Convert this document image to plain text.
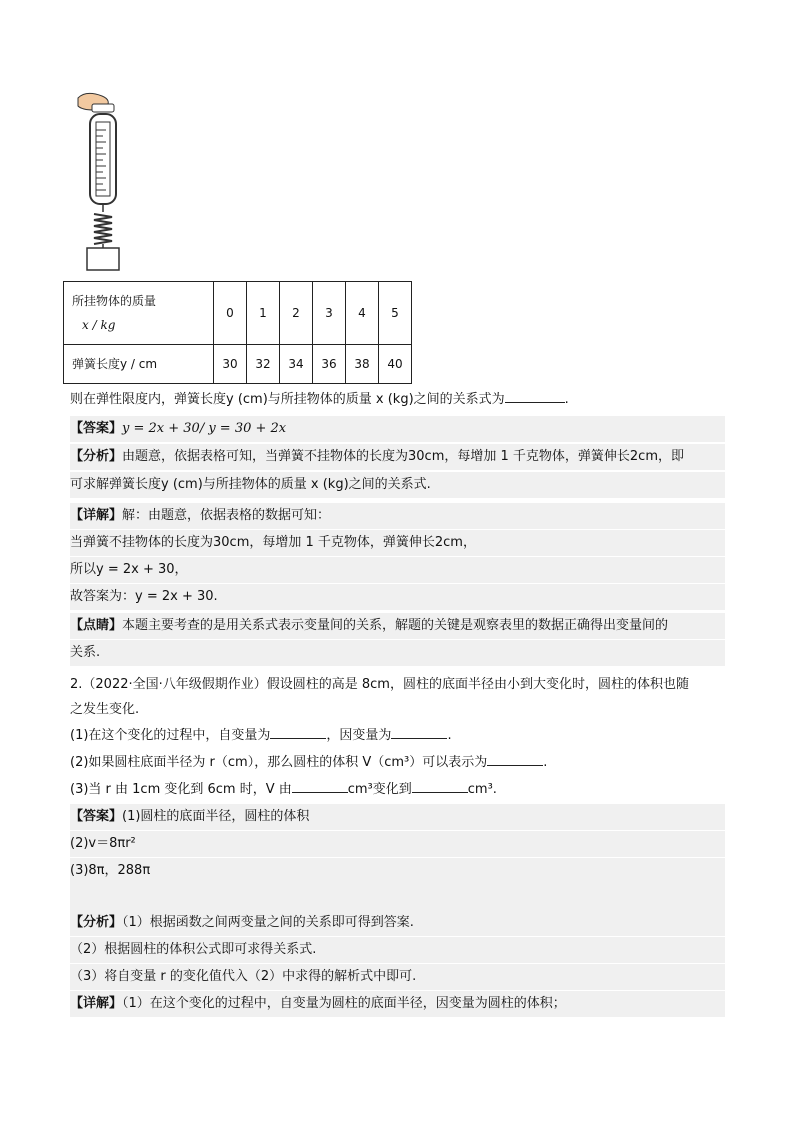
所挂物体的质量
x / kg	0	1	2	3	4	5
弹簧长度y / cm	30	32	34	36	38	40
则在弹性限度内，弹簧长度y (cm)与所挂物体的质量 x (kg)之间的关系式为	.
【答案】y = 2x + 30/ y = 30 + 2x
【分析】由题意，依据表格可知，当弹簧不挂物体的长度为30cm，每增加 1 千克物体，弹簧伸长2cm，即
可求解弹簧长度y (cm)与所挂物体的质量 x (kg)之间的关系式.
【详解】解：由题意，依据表格的数据可知：
当弹簧不挂物体的长度为30cm，每增加 1 千克物体，弹簧伸长2cm，
所以y = 2x + 30，
故答案为：y = 2x + 30.
【点睛】本题主要考查的是用关系式表示变量间的关系，解题的关键是观察表里的数据正确得出变量间的
关系.
2.（2022·全国·八年级假期作业）假设圆柱的高是 8cm，圆柱的底面半径由小到大变化时，圆柱的体积也随
之发生变化.
(1)在这个变化的过程中，自变量为	，因变量为	.
(2)如果圆柱底面半径为 r（cm），那么圆柱的体积 V（cm³）可以表示为	.
(3)当 r 由 1cm 变化到 6cm 时，V 由	cm³变化到	cm³.
【答案】(1)圆柱的底面半径，圆柱的体积
(2)v＝8πr²
(3)8π，288π
【分析】（1）根据函数之间两变量之间的关系即可得到答案.
（2）根据圆柱的体积公式即可求得关系式.
（3）将自变量 r 的变化值代入（2）中求得的解析式中即可.
【详解】（1）在这个变化的过程中，自变量为圆柱的底面半径，因变量为圆柱的体积；
